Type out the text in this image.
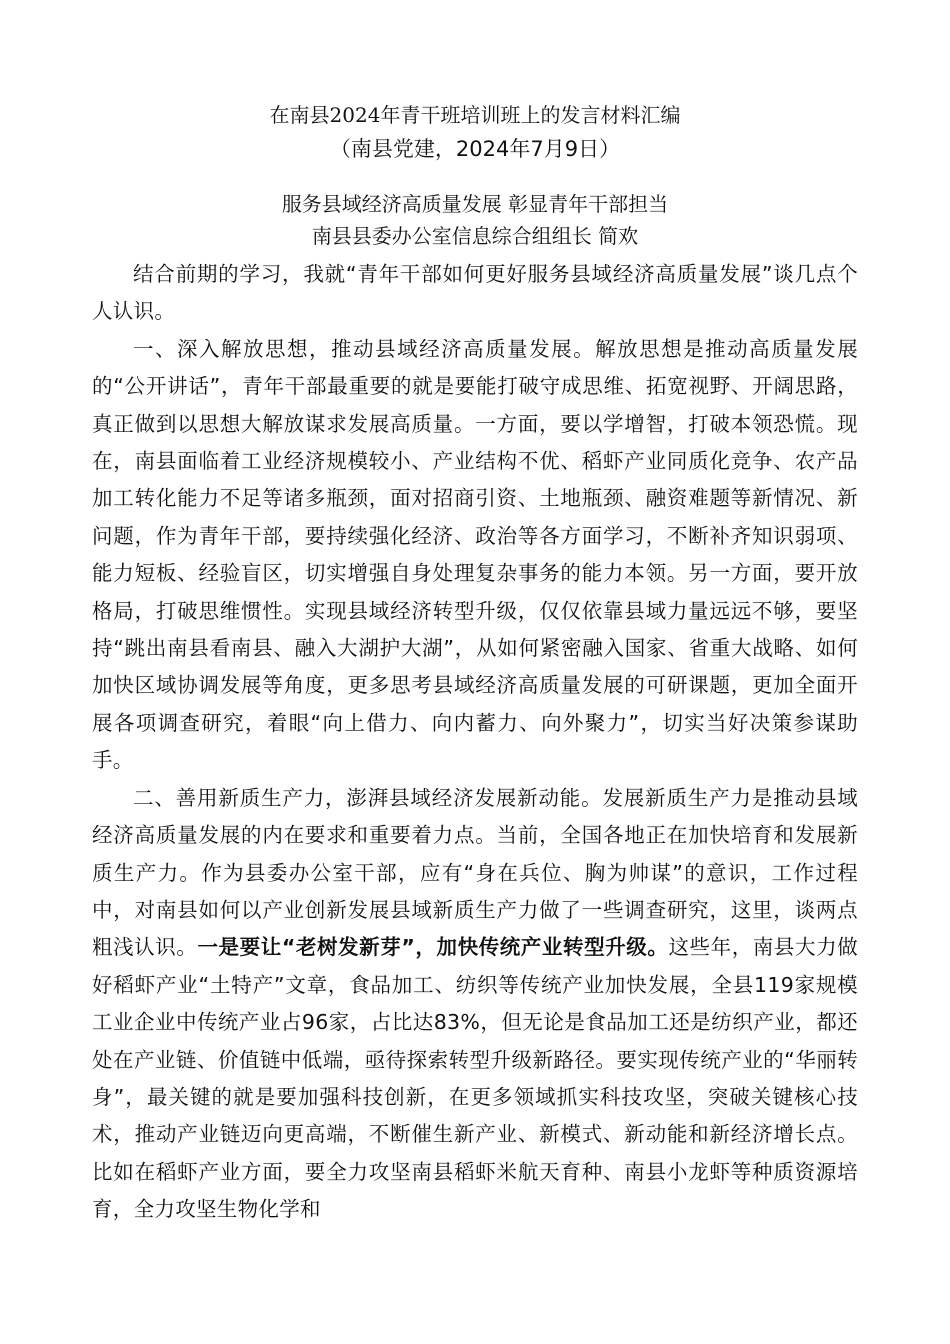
在南县2024年青干班培训班上的发言材料汇编
（南县党建，2024年7月9日）
服务县域经济高质量发展 彰显青年干部担当
南县县委办公室信息综合组组长 简欢

结合前期的学习，我就“青年干部如何更好服务县域经济高质量发展”谈几点个人认识。

一、深入解放思想，推动县域经济高质量发展。解放思想是推动高质量发展的“公开讲话”，青年干部最重要的就是要能打破守成思维、拓宽视野、开阔思路，真正做到以思想大解放谋求发展高质量。一方面，要以学增智，打破本领恐慌。现在，南县面临着工业经济规模较小、产业结构不优、稻虾产业同质化竞争、农产品加工转化能力不足等诸多瓶颈，面对招商引资、土地瓶颈、融资难题等新情况、新问题，作为青年干部，要持续强化经济、政治等各方面学习，不断补齐知识弱项、能力短板、经验盲区，切实增强自身处理复杂事务的能力本领。另一方面，要开放格局，打破思维惯性。实现县域经济转型升级，仅仅依靠县域力量远远不够，要坚持“跳出南县看南县、融入大湖护大湖”，从如何紧密融入国家、省重大战略、如何加快区域协调发展等角度，更多思考县域经济高质量发展的可研课题，更加全面开展各项调查研究，着眼“向上借力、向内蓄力、向外聚力”，切实当好决策参谋助手。

二、善用新质生产力，澎湃县域经济发展新动能。发展新质生产力是推动县域经济高质量发展的内在要求和重要着力点。当前，全国各地正在加快培育和发展新质生产力。作为县委办公室干部，应有“身在兵位、胸为帅谋”的意识，工作过程中，对南县如何以产业创新发展县域新质生产力做了一些调查研究，这里，谈两点粗浅认识。一是要让“老树发新芽”，加快传统产业转型升级。这些年，南县大力做好稻虾产业“土特产”文章，食品加工、纺织等传统产业加快发展，全县119家规模工业企业中传统产业占96家，占比达83%，但无论是食品加工还是纺织产业，都还处在产业链、价值链中低端，亟待探索转型升级新路径。要实现传统产业的“华丽转身”，最关键的就是要加强科技创新，在更多领域抓实科技攻坚，突破关键核心技术，推动产业链迈向更高端，不断催生新产业、新模式、新动能和新经济增长点。比如在稻虾产业方面，要全力攻坚南县稻虾米航天育种、南县小龙虾等种质资源培育，全力攻坚生物化学和
